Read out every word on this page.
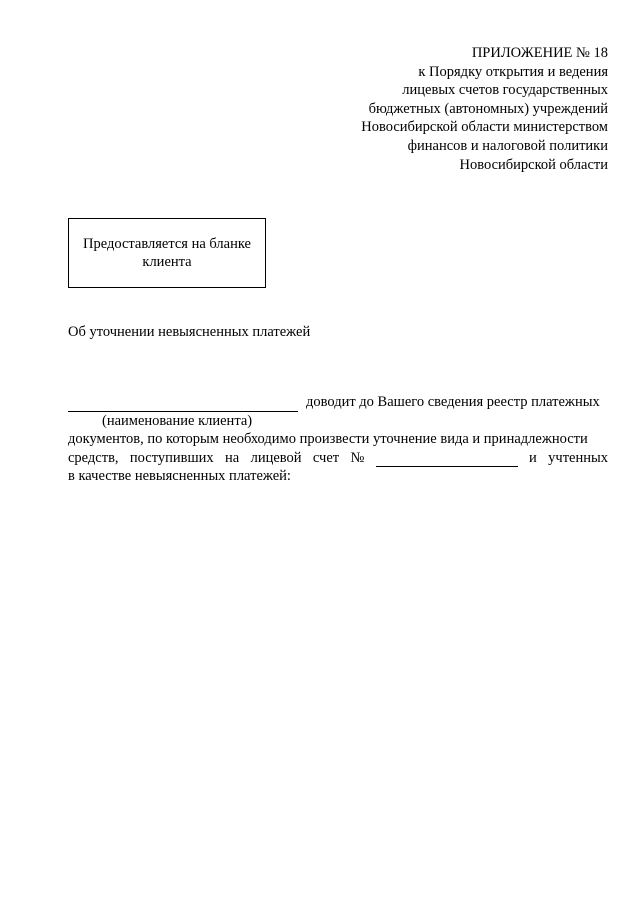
ПРИЛОЖЕНИЕ № 18
к Порядку открытия и ведения
лицевых счетов государственных
бюджетных (автономных) учреждений
Новосибирской области министерством
финансов и налоговой политики
Новосибирской области
Предоставляется на бланке
клиента
Об уточнении невыясненных платежей
доводит до Вашего сведения реестр платежных
(наименование клиента)
документов, по которым необходимо произвести уточнение вида и принадлежности
средств, поступивших на лицевой счет №	и учтенных
в качестве невыясненных платежей:
